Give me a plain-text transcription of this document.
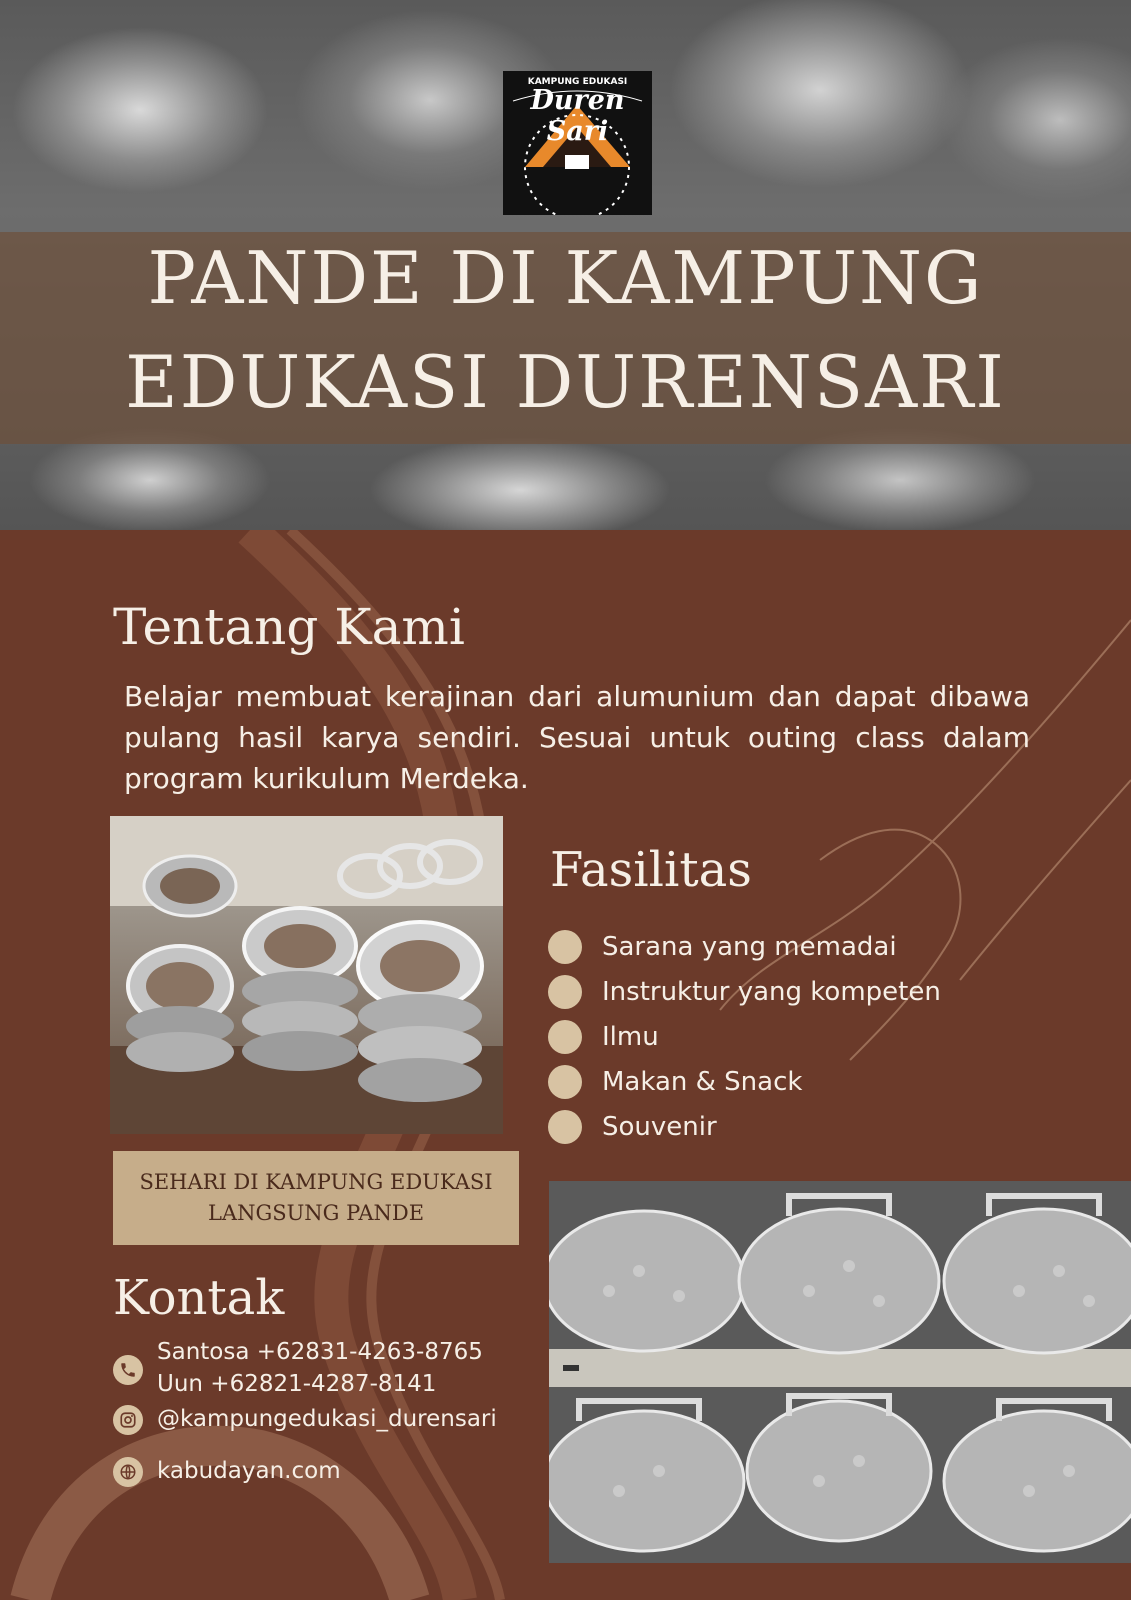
PANDE DI KAMPUNG
EDUKASI DURENSARI
KAMPUNG EDUKASI
Duren Sari
Tentang Kami
Belajar membuat kerajinan dari alumunium dan dapat dibawa pulang hasil karya sendiri. Sesuai untuk outing class dalam program kurikulum Merdeka.
SEHARI DI KAMPUNG EDUKASI
LANGSUNG PANDE
Fasilitas
Sarana yang memadai
Instruktur yang kompeten
Ilmu
Makan & Snack
Souvenir
Kontak
Santosa +62831-4263-8765
Uun +62821-4287-8141
@kampungedukasi_durensari
kabudayan.com
